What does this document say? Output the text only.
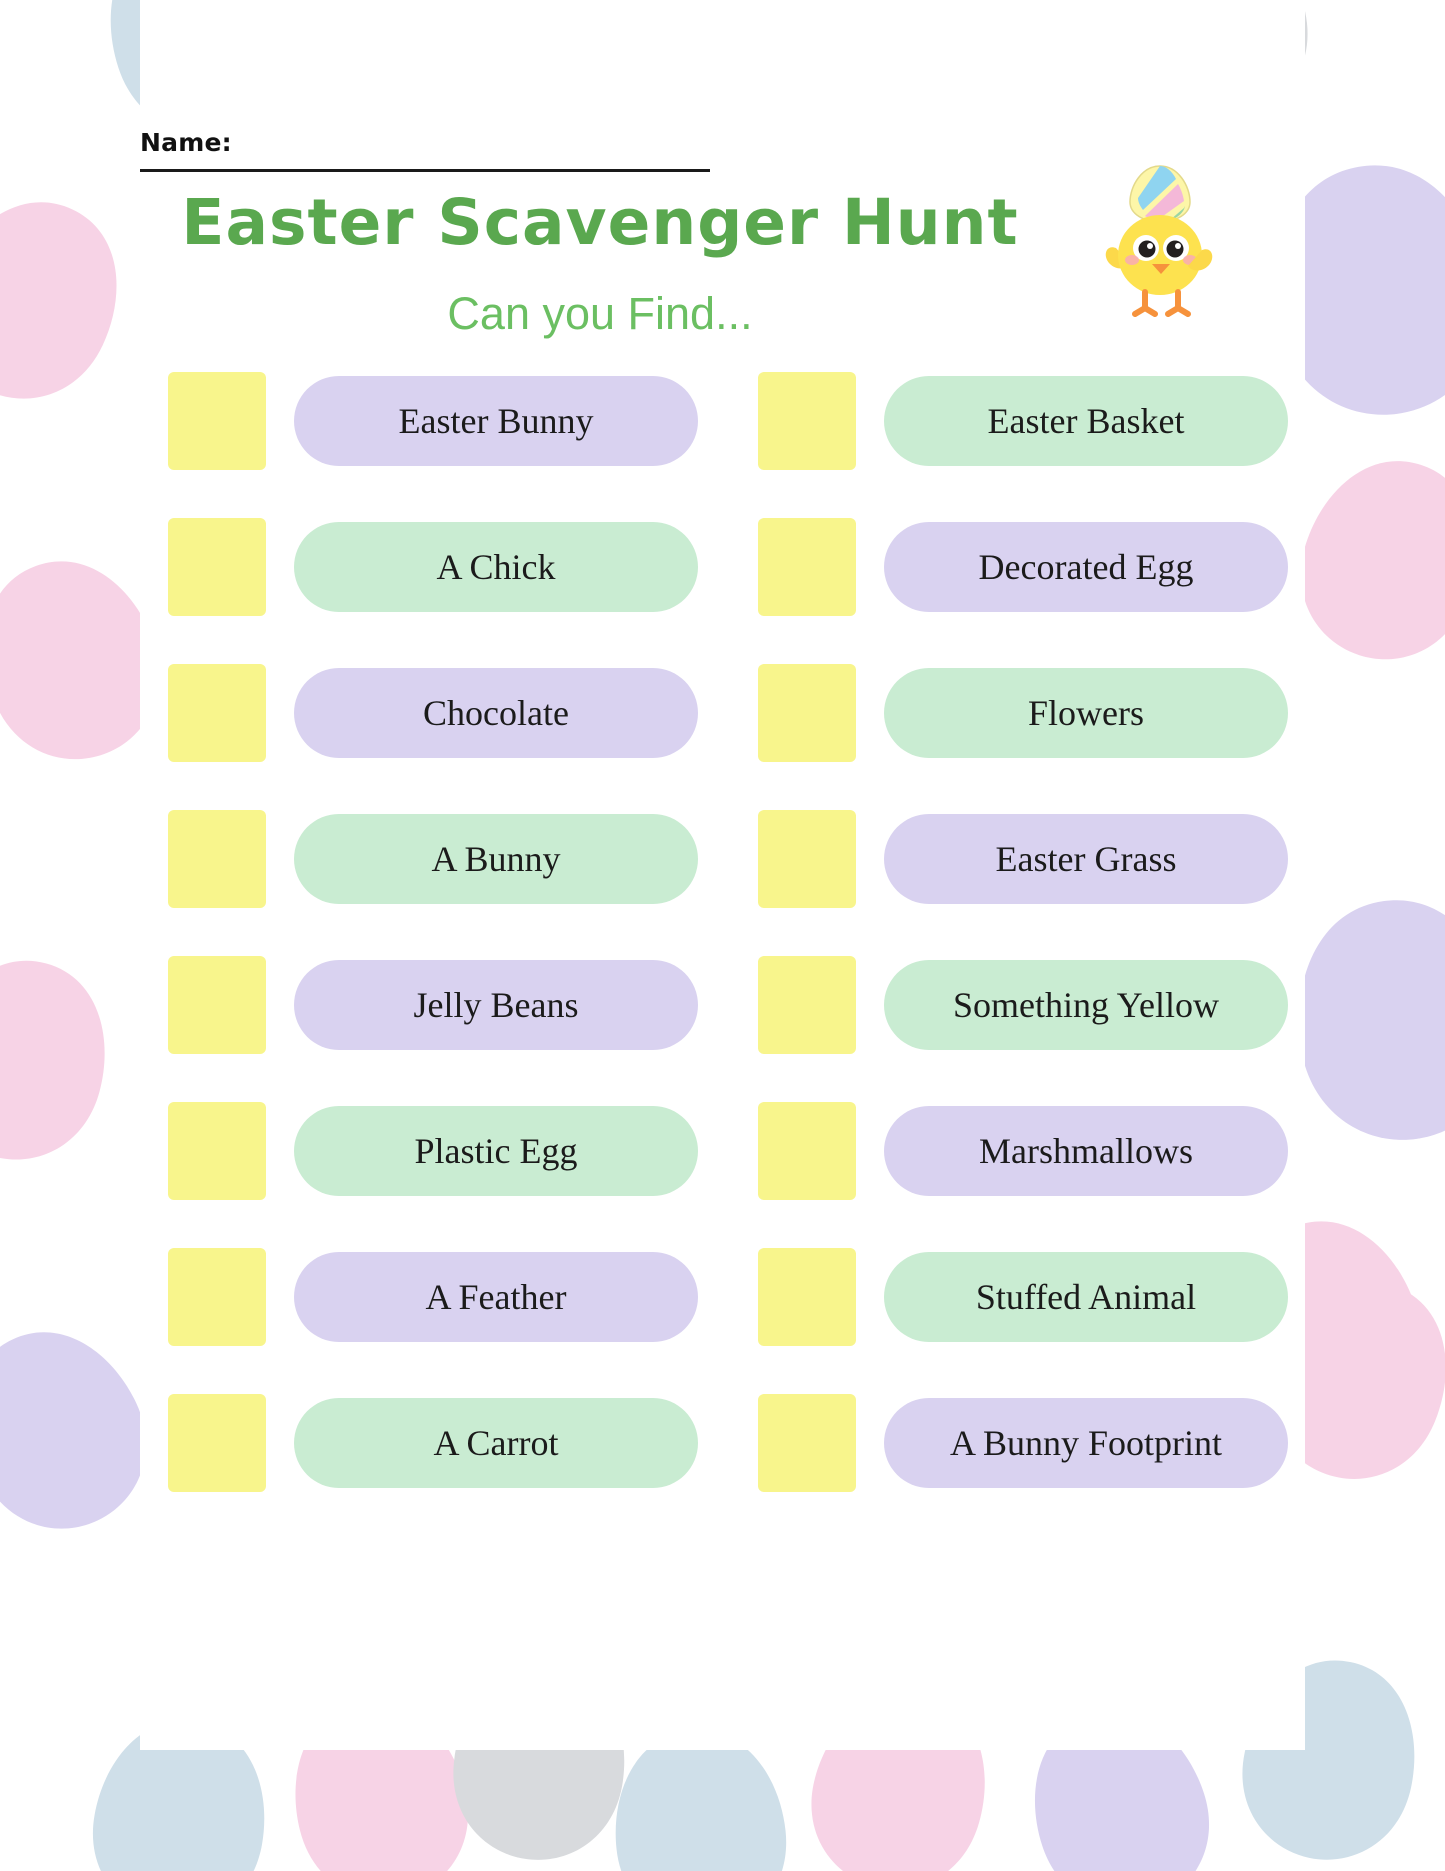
Name:
Easter Scavenger Hunt
Can you Find...
Easter Bunny
A Chick
Chocolate
A Bunny
Jelly Beans
Plastic Egg
A Feather
A Carrot
Easter Basket
Decorated Egg
Flowers
Easter Grass
Something Yellow
Marshmallows
Stuffed Animal
A Bunny Footprint
